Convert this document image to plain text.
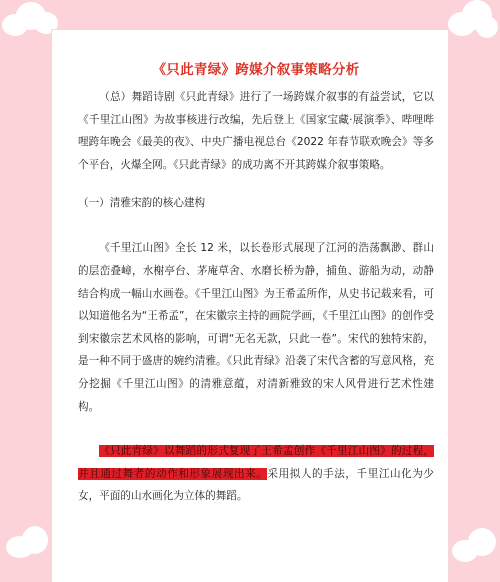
《只此青绿》跨媒介叙事策略分析

（总）舞蹈诗剧《只此青绿》进行了一场跨媒介叙事的有益尝试，它以《千里江山图》为故事核进行改编，先后登上《国家宝藏·展演季》、哔哩哔哩跨年晚会《最美的夜》、中央广播电视总台《2022 年春节联欢晚会》等多个平台，火爆全网。《只此青绿》的成功离不开其跨媒介叙事策略。

（一）清雅宋韵的核心建构

《千里江山图》全长 12 米，以长卷形式展现了江河的浩荡飘渺、群山的层峦叠嶂，水榭亭台、茅庵草舍、水磨长桥为静，捕鱼、游船为动，动静结合构成一幅山水画卷。《千里江山图》为王希孟所作，从史书记载来看，可以知道他名为“王希孟”，在宋徽宗主持的画院学画，《千里江山图》的创作受到宋徽宗艺术风格的影响，可谓“无名无款，只此一卷”。宋代的独特宋韵，是一种不同于盛唐的婉约清雅。《只此青绿》沿袭了宋代含蓄的写意风格，充分挖掘《千里江山图》的清雅意蕴，对清新雅致的宋人风骨进行艺术性建构。

《只此青绿》以舞蹈的形式复现了王希孟创作《千里江山图》的过程，并且通过舞者的动作和形象展现出来。采用拟人的手法，千里江山化为少女，平面的山水画化为立体的舞蹈。
